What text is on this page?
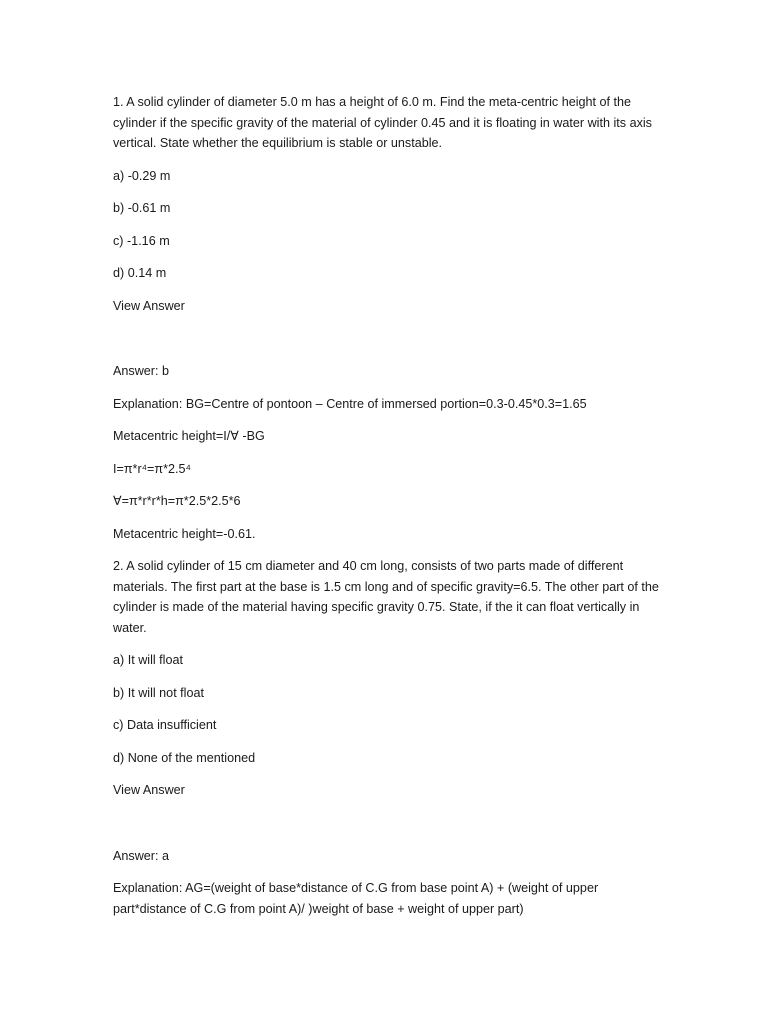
1. A solid cylinder of diameter 5.0 m has a height of 6.0 m. Find the meta-centric height of the cylinder if the specific gravity of the material of cylinder 0.45 and it is floating in water with its axis vertical. State whether the equilibrium is stable or unstable.

a) -0.29 m

b) -0.61 m

c) -1.16 m

d) 0.14 m

View Answer

Answer: b

Explanation: BG=Centre of pontoon – Centre of immersed portion=0.3-0.45*0.3=1.65

Metacentric height=I/∀ -BG

I=π*r⁴=π*2.5⁴

∀=π*r*r*h=π*2.5*2.5*6

Metacentric height=-0.61.

2. A solid cylinder of 15 cm diameter and 40 cm long, consists of two parts made of different materials. The first part at the base is 1.5 cm long and of specific gravity=6.5. The other part of the cylinder is made of the material having specific gravity 0.75. State, if the it can float vertically in water.

a) It will float

b) It will not float

c) Data insufficient

d) None of the mentioned

View Answer

Answer: a

Explanation: AG=(weight of base*distance of C.G from base point A) + (weight of upper part*distance of C.G from point A)/ )weight of base + weight of upper part)
